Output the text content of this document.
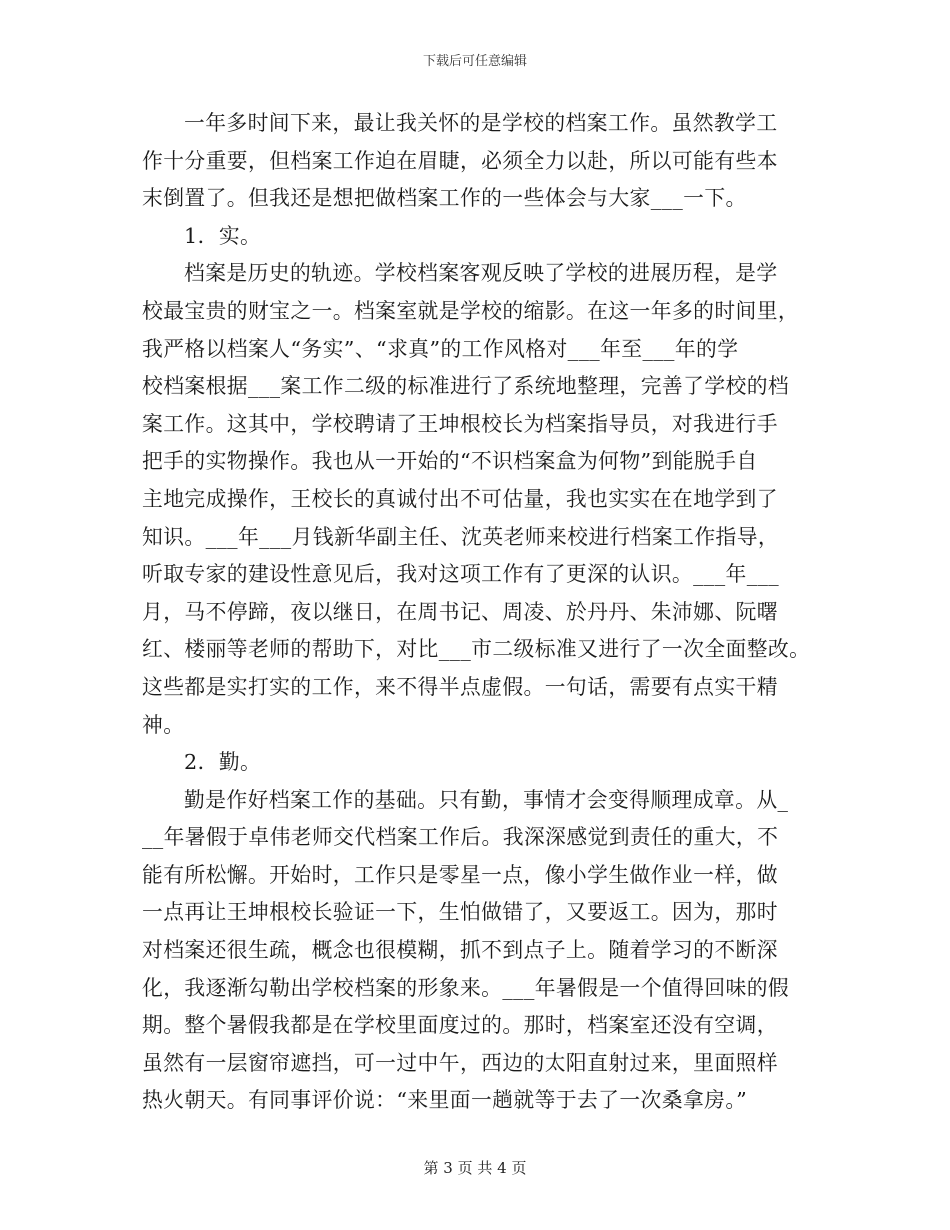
下载后可任意编辑
一年多时间下来，最让我关怀的是学校的档案工作。虽然教学工
作十分重要，但档案工作迫在眉睫，必须全力以赴，所以可能有些本
末倒置了。但我还是想把做档案工作的一些体会与大家___一下。
1．实。
档案是历史的轨迹。学校档案客观反映了学校的进展历程，是学
校最宝贵的财宝之一。档案室就是学校的缩影。在这一年多的时间里，
我严格以档案人“务实”、“求真”的工作风格对___年至___年的学
校档案根据___案工作二级的标准进行了系统地整理，完善了学校的档
案工作。这其中，学校聘请了王坤根校长为档案指导员，对我进行手
把手的实物操作。我也从一开始的“不识档案盒为何物”到能脱手自
主地完成操作，王校长的真诚付出不可估量，我也实实在在地学到了
知识。___年___月钱新华副主任、沈英老师来校进行档案工作指导，
听取专家的建设性意见后，我对这项工作有了更深的认识。___年___
月，马不停蹄，夜以继日，在周书记、周凌、於丹丹、朱沛娜、阮曙
红、楼丽等老师的帮助下，对比___市二级标准又进行了一次全面整改。
这些都是实打实的工作，来不得半点虚假。一句话，需要有点实干精
神。
2．勤。
勤是作好档案工作的基础。只有勤，事情才会变得顺理成章。从_
__年暑假于卓伟老师交代档案工作后。我深深感觉到责任的重大，不
能有所松懈。开始时，工作只是零星一点，像小学生做作业一样，做
一点再让王坤根校长验证一下，生怕做错了，又要返工。因为，那时
对档案还很生疏，概念也很模糊，抓不到点子上。随着学习的不断深
化，我逐渐勾勒出学校档案的形象来。___年暑假是一个值得回味的假
期。整个暑假我都是在学校里面度过的。那时，档案室还没有空调，
虽然有一层窗帘遮挡，可一过中午，西边的太阳直射过来，里面照样
热火朝天。有同事评价说：“来里面一趟就等于去了一次桑拿房。”
第 3 页 共 4 页
